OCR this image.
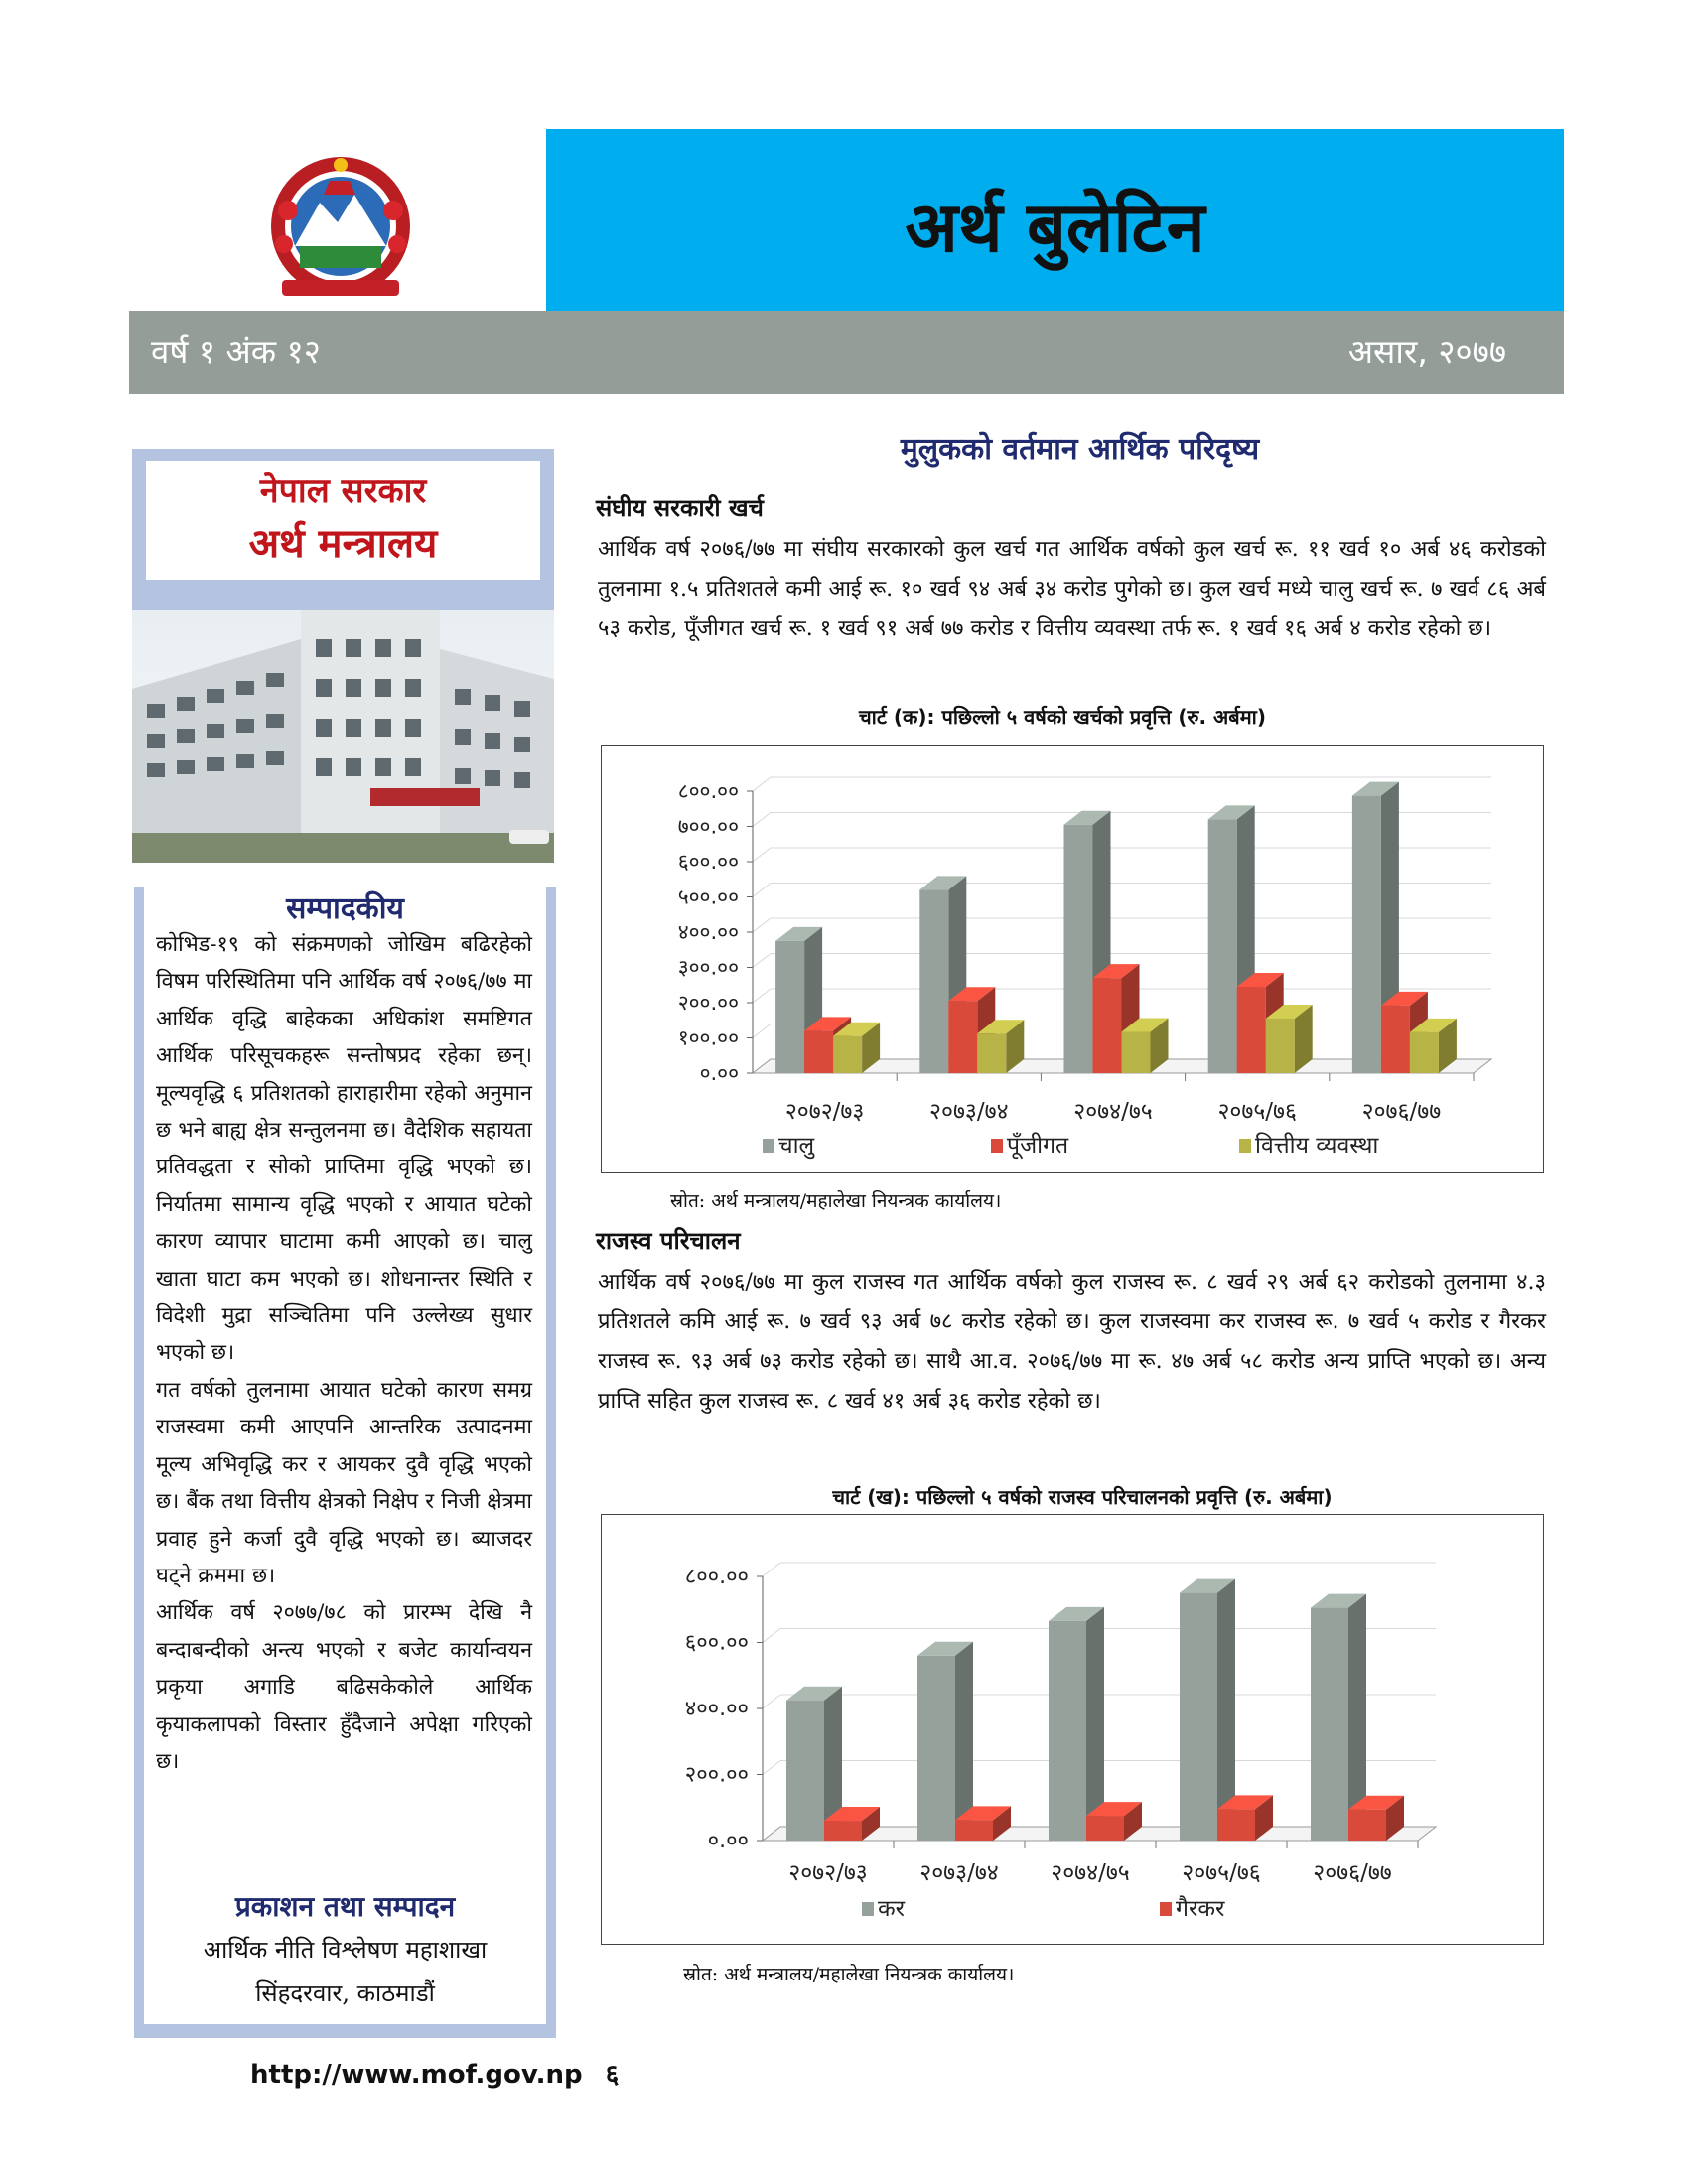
अर्थ बुलेटिन
वर्ष १ अंक १२	असार, २०७७
नेपाल सरकार
अर्थ मन्त्रालय
सम्पादकीय

कोभिड-१९ को संक्रमणको जोखिम बढिरहेको विषम परिस्थितिमा पनि आर्थिक वर्ष २०७६/७७ मा आर्थिक वृद्धि बाहेकका अधिकांश समष्टिगत आर्थिक परिसूचकहरू सन्तोषप्रद रहेका छन्। मूल्यवृद्धि ६ प्रतिशतको हाराहारीमा रहेको अनुमान छ भने बाह्य क्षेत्र सन्तुलनमा छ। वैदेशिक सहायता प्रतिवद्धता र सोको प्राप्तिमा वृद्धि भएको छ। निर्यातमा सामान्य वृद्धि भएको र आयात घटेको कारण व्यापार घाटामा कमी आएको छ। चालु खाता घाटा कम भएको छ। शोधनान्तर स्थिति र विदेशी मुद्रा सञ्चितिमा पनि उल्लेख्य सुधार भएको छ।

गत वर्षको तुलनामा आयात घटेको कारण समग्र राजस्वमा कमी आएपनि आन्तरिक उत्पादनमा मूल्य अभिवृद्धि कर र आयकर दुवै वृद्धि भएको छ। बैंक तथा वित्तीय क्षेत्रको निक्षेप र निजी क्षेत्रमा प्रवाह हुने कर्जा दुवै वृद्धि भएको छ। ब्याजदर घट्ने क्रममा छ।

आर्थिक वर्ष २०७७/७८ को प्रारम्भ देखि नै बन्दाबन्दीको अन्त्य भएको र बजेट कार्यान्वयन प्रकृया अगाडि बढिसकेकोले आर्थिक कृयाकलापको विस्तार हुँदैजाने अपेक्षा गरिएको छ।

प्रकाशन तथा सम्पादन
आर्थिक नीति विश्लेषण महाशाखा
सिंहदरवार, काठमाडौं
http://www.mof.gov.np ६
मुलुकको वर्तमान आर्थिक परिदृष्य
संघीय सरकारी खर्च
आर्थिक वर्ष २०७६/७७ मा संघीय सरकारको कुल खर्च गत आर्थिक वर्षको कुल खर्च रू. ११ खर्व १० अर्ब ४६ करोडको तुलनामा १.५ प्रतिशतले कमी आई रू. १० खर्व ९४ अर्ब ३४ करोड पुगेको छ। कुल खर्च मध्ये चालु खर्च रू. ७ खर्व ८६ अर्ब ५३ करोड, पूँजीगत खर्च रू. १ खर्व ९१ अर्ब ७७ करोड र वित्तीय व्यवस्था तर्फ रू. १ खर्व १६ अर्ब ४ करोड रहेको छ।
चार्ट (क): पछिल्लो ५ वर्षको खर्चको प्रवृत्ति (रु. अर्बमा)
०.००
१००.००
२००.००
३००.००
४००.००
५००.००
६००.००
७००.००
८००.००
२०७२/७३	२०७३/७४	२०७४/७५	२०७५/७६	२०७६/७७
चालु	पूँजीगत	वित्तीय व्यवस्था
स्रोत: अर्थ मन्त्रालय/महालेखा नियन्त्रक कार्यालय।
राजस्व परिचालन
आर्थिक वर्ष २०७६/७७ मा कुल राजस्व गत आर्थिक वर्षको कुल राजस्व रू. ८ खर्व २९ अर्ब ६२ करोडको तुलनामा ४.३ प्रतिशतले कमि आई रू. ७ खर्व ९३ अर्ब ७८ करोड रहेको छ। कुल राजस्वमा कर राजस्व रू. ७ खर्व ५ करोड र गैरकर राजस्व रू. ९३ अर्ब ७३ करोड रहेको छ। साथै आ.व. २०७६/७७ मा रू. ४७ अर्ब ५८ करोड अन्य प्राप्ति भएको छ। अन्य प्राप्ति सहित कुल राजस्व रू. ८ खर्व ४१ अर्ब ३६ करोड रहेको छ।
चार्ट (ख): पछिल्लो ५ वर्षको राजस्व परिचालनको प्रवृत्ति (रु. अर्बमा)
०.००
२००.००
४००.००
६००.००
८००.००
२०७२/७३ २०७३/७४ २०७४/७५ २०७५/७६ २०७६/७७
कर	गैरकर
स्रोत: अर्थ मन्त्रालय/महालेखा नियन्त्रक कार्यालय।
